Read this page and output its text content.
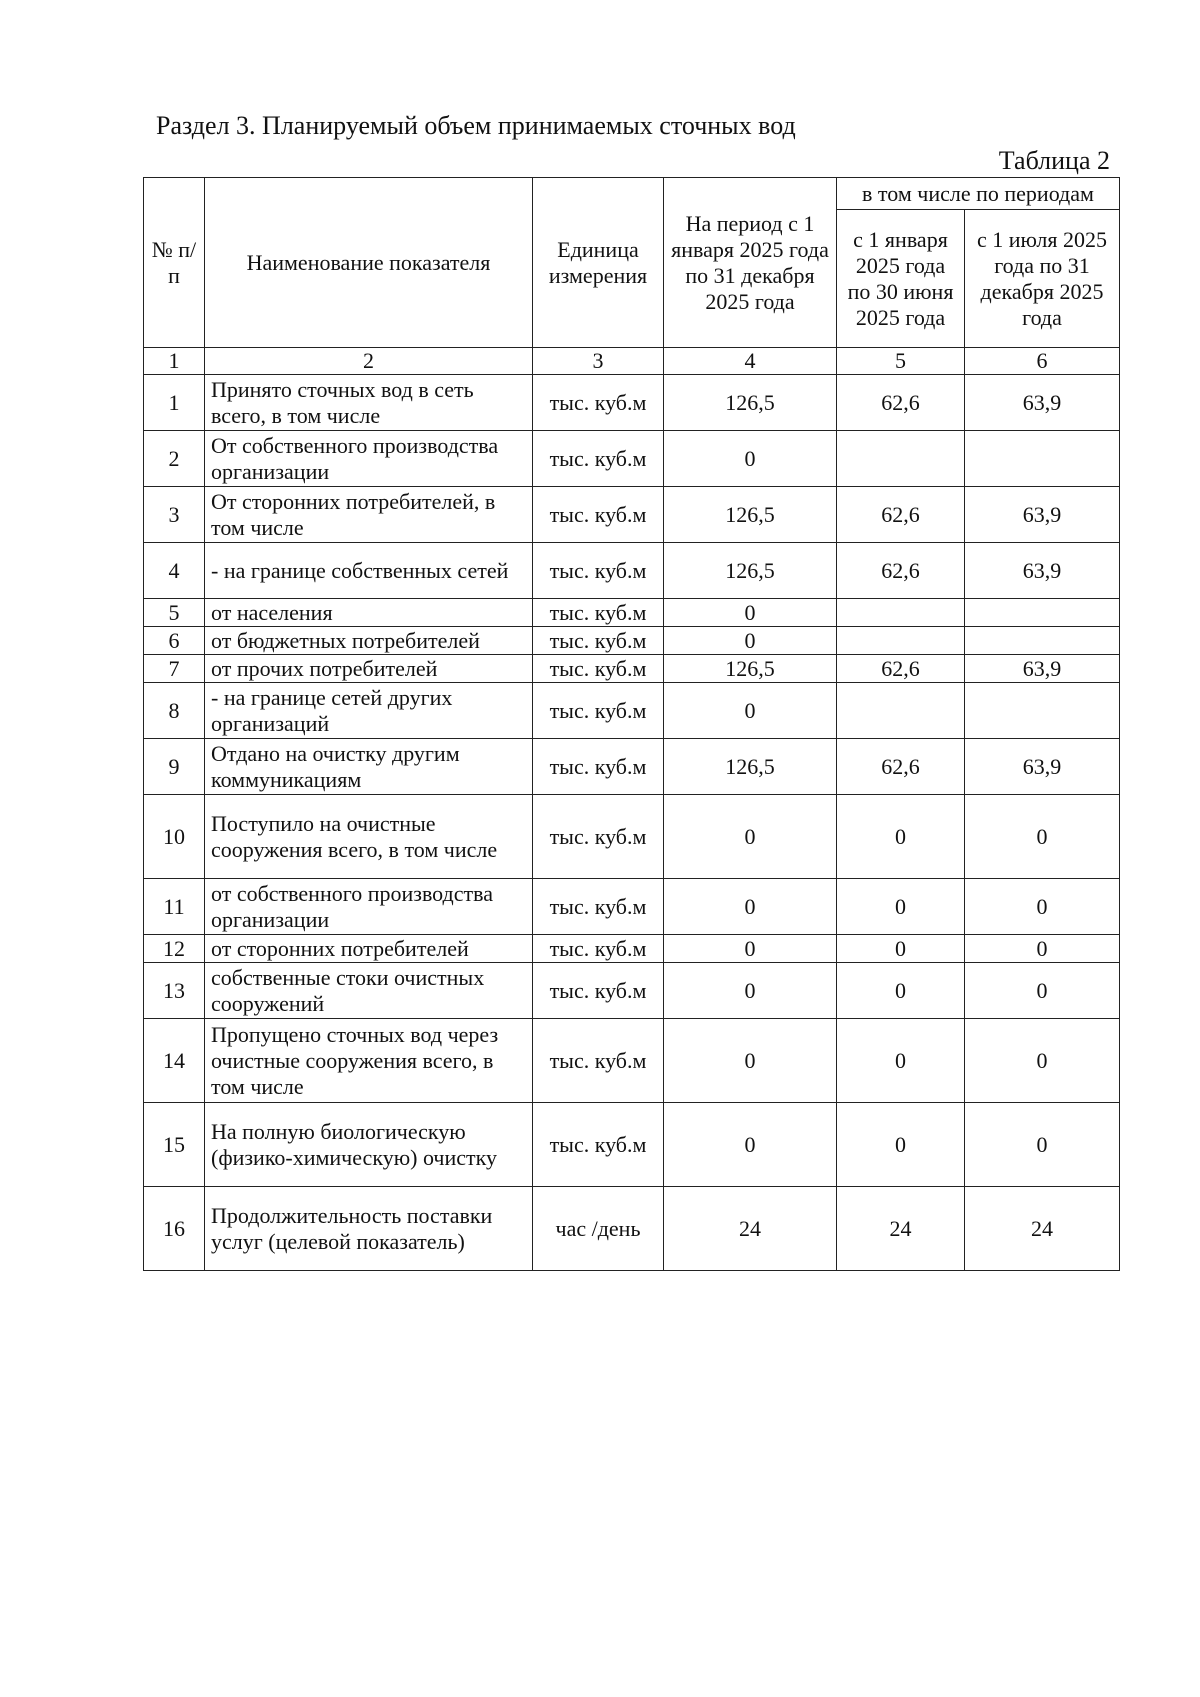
Раздел 3. Планируемый объем принимаемых сточных вод
Таблица 2
№ п/п	Наименование показателя	Единица измерения	На период с 1 января 2025 года по 31 декабря 2025 года	в том числе по периодам	
				с 1 января 2025 года по 30 июня 2025 года	с 1 июля 2025 года по 31 декабря 2025 года
1	2	3	4	5	6
1	Принято сточных вод в сеть всего, в том числе	тыс. куб.м	126,5	62,6	63,9
2	От собственного производства организации	тыс. куб.м	0		
3	От сторонних потребителей, в том числе	тыс. куб.м	126,5	62,6	63,9
4	- на границе собственных сетей	тыс. куб.м	126,5	62,6	63,9
5	от населения	тыс. куб.м	0		
6	от бюджетных потребителей	тыс. куб.м	0		
7	от прочих потребителей	тыс. куб.м	126,5	62,6	63,9
8	- на границе сетей других организаций	тыс. куб.м	0		
9	Отдано на очистку другим коммуникациям	тыс. куб.м	126,5	62,6	63,9
10	Поступило на очистные сооружения всего, в том числе	тыс. куб.м	0	0	0
11	от собственного производства организации	тыс. куб.м	0	0	0
12	от сторонних потребителей	тыс. куб.м	0	0	0
13	собственные стоки очистных сооружений	тыс. куб.м	0	0	0
14	Пропущено сточных вод через очистные сооружения всего, в том числе	тыс. куб.м	0	0	0
15	На полную биологическую (физико-химическую) очистку	тыс. куб.м	0	0	0
16	Продолжительность поставки услуг (целевой показатель)	час /день	24	24	24
